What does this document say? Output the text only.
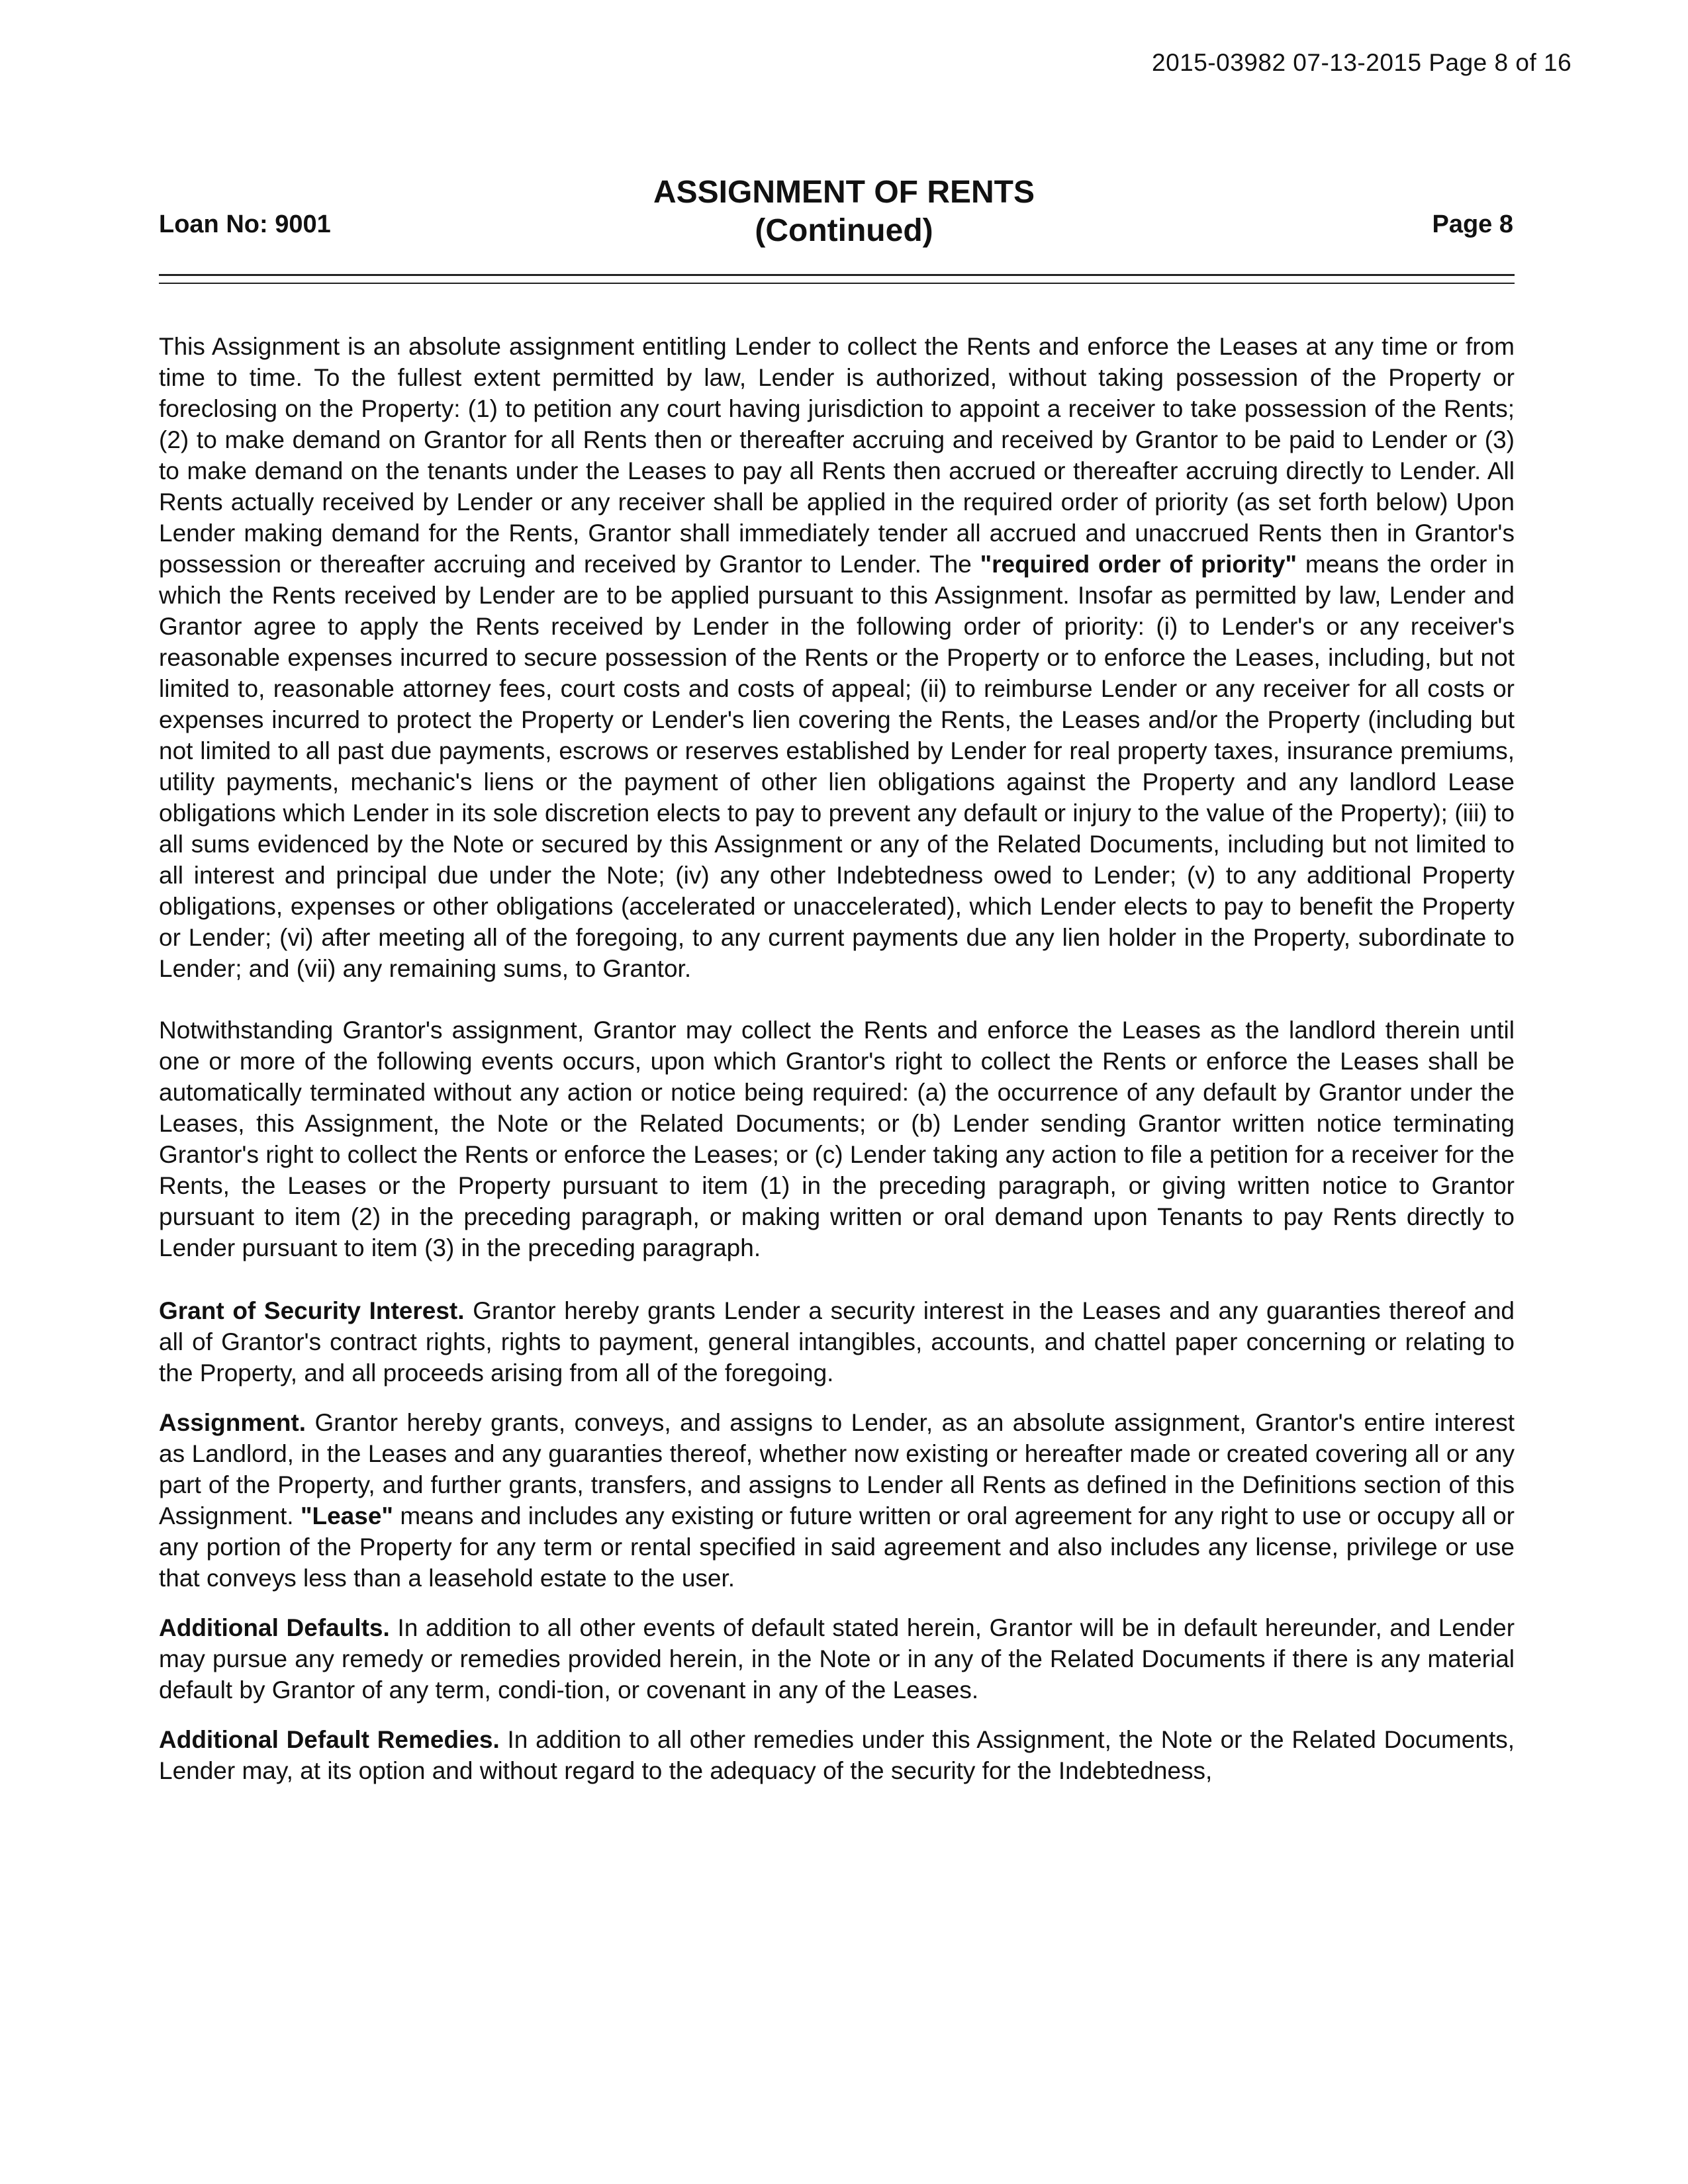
2015-03982 07-13-2015 Page 8 of 16
Loan No: 9001
ASSIGNMENT OF RENTS
(Continued)	Page 8

This Assignment is an absolute assignment entitling Lender to collect the Rents and enforce the Leases at any time or from time to time. To the fullest extent permitted by law, Lender is authorized, without taking possession of the Property or foreclosing on the Property: (1) to petition any court having jurisdiction to appoint a receiver to take possession of the Rents; (2) to make demand on Grantor for all Rents then or thereafter accruing and received by Grantor to be paid to Lender or (3) to make demand on the tenants under the Leases to pay all Rents then accrued or thereafter accruing directly to Lender. All Rents actually received by Lender or any receiver shall be applied in the required order of priority (as set forth below) Upon Lender making demand for the Rents, Grantor shall immediately tender all accrued and unaccrued Rents then in Grantor's possession or thereafter accruing and received by Grantor to Lender. The "required order of priority" means the order in which the Rents received by Lender are to be applied pursuant to this Assignment. Insofar as permitted by law, Lender and Grantor agree to apply the Rents received by Lender in the following order of priority: (i) to Lender's or any receiver's reasonable expenses incurred to secure possession of the Rents or the Property or to enforce the Leases, including, but not limited to, reasonable attorney fees, court costs and costs of appeal; (ii) to reimburse Lender or any receiver for all costs or expenses incurred to protect the Property or Lender's lien covering the Rents, the Leases and/or the Property (including but not limited to all past due payments, escrows or reserves established by Lender for real property taxes, insurance premiums, utility payments, mechanic's liens or the payment of other lien obligations against the Property and any landlord Lease obligations which Lender in its sole discretion elects to pay to prevent any default or injury to the value of the Property); (iii) to all sums evidenced by the Note or secured by this Assignment or any of the Related Documents, including but not limited to all interest and principal due under the Note; (iv) any other Indebtedness owed to Lender; (v) to any additional Property obligations, expenses or other obligations (accelerated or unaccelerated), which Lender elects to pay to benefit the Property or Lender; (vi) after meeting all of the foregoing, to any current payments due any lien holder in the Property, subordinate to Lender; and (vii) any remaining sums, to Grantor.

Notwithstanding Grantor's assignment, Grantor may collect the Rents and enforce the Leases as the landlord therein until one or more of the following events occurs, upon which Grantor's right to collect the Rents or enforce the Leases shall be automatically terminated without any action or notice being required: (a) the occurrence of any default by Grantor under the Leases, this Assignment, the Note or the Related Documents; or (b) Lender sending Grantor written notice terminating Grantor's right to collect the Rents or enforce the Leases; or (c) Lender taking any action to file a petition for a receiver for the Rents, the Leases or the Property pursuant to item (1) in the preceding paragraph, or giving written notice to Grantor pursuant to item (2) in the preceding paragraph, or making written or oral demand upon Tenants to pay Rents directly to Lender pursuant to item (3) in the preceding paragraph.

Grant of Security Interest. Grantor hereby grants Lender a security interest in the Leases and any guaranties thereof and all of Grantor's contract rights, rights to payment, general intangibles, accounts, and chattel paper concerning or relating to the Property, and all proceeds arising from all of the foregoing.

Assignment. Grantor hereby grants, conveys, and assigns to Lender, as an absolute assignment, Grantor's entire interest as Landlord, in the Leases and any guaranties thereof, whether now existing or hereafter made or created covering all or any part of the Property, and further grants, transfers, and assigns to Lender all Rents as defined in the Definitions section of this Assignment. "Lease" means and includes any existing or future written or oral agreement for any right to use or occupy all or any portion of the Property for any term or rental specified in said agreement and also includes any license, privilege or use that conveys less than a leasehold estate to the user.

Additional Defaults. In addition to all other events of default stated herein, Grantor will be in default hereunder, and Lender may pursue any remedy or remedies provided herein, in the Note or in any of the Related Documents if there is any material default by Grantor of any term, condi-tion, or covenant in any of the Leases.

Additional Default Remedies. In addition to all other remedies under this Assignment, the Note or the Related Documents, Lender may, at its option and without regard to the adequacy of the security for the Indebtedness,
